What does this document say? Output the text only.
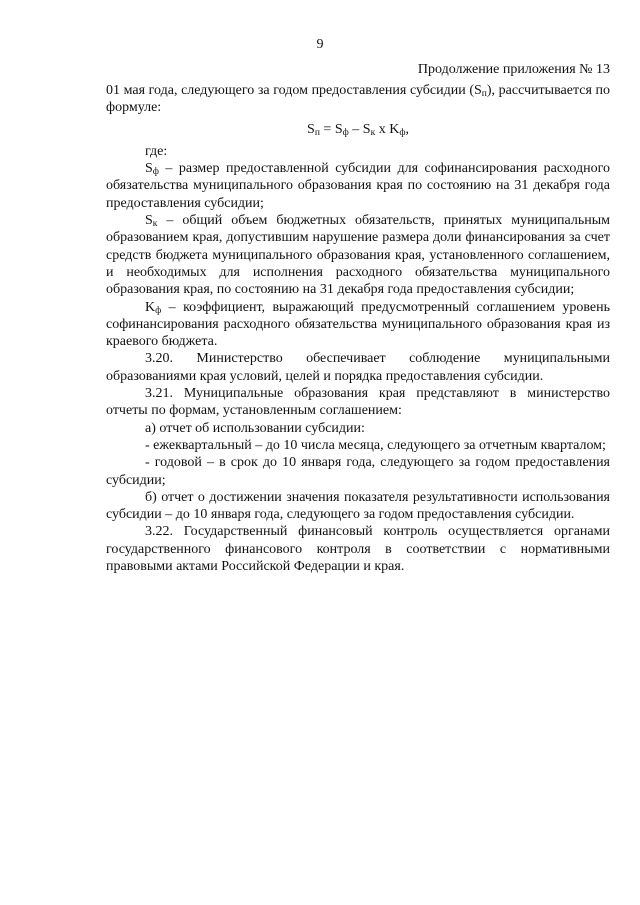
9
Продолжение приложения № 13

01 мая года, следующего за годом предоставления субсидии $(S_п)$, рассчитывается по формуле:

$S_п = S_ф - S_к$ х $K_ф$,

где:

$S_ф$ – размер предоставленной субсидии для софинансирования расходного обязательства муниципального образования края по состоянию на 31 декабря года предоставления субсидии;

$S_к$ – общий объем бюджетных обязательств, принятых муниципальным образованием края, допустившим нарушение размера доли финансирования за счет средств бюджета муниципального образования края, установленного соглашением, и необходимых для исполнения расходного обязательства муниципального образования края, по состоянию на 31 декабря года предоставления субсидии;

$K_ф$ – коэффициент, выражающий предусмотренный соглашением уровень софинансирования расходного обязательства муниципального образования края из краевого бюджета.

3.20. Министерство обеспечивает соблюдение муниципальными образованиями края условий, целей и порядка предоставления субсидии.

3.21. Муниципальные образования края представляют в министерство отчеты по формам, установленным соглашением:

а) отчет об использовании субсидии:

- ежеквартальный – до 10 числа месяца, следующего за отчетным кварталом;

- годовой – в срок до 10 января года, следующего за годом предоставления субсидии;

б) отчет о достижении значения показателя результативности использования субсидии – до 10 января года, следующего за годом предоставления субсидии.

3.22. Государственный финансовый контроль осуществляется органами государственного финансового контроля в соответствии с нормативными правовыми актами Российской Федерации и края.
